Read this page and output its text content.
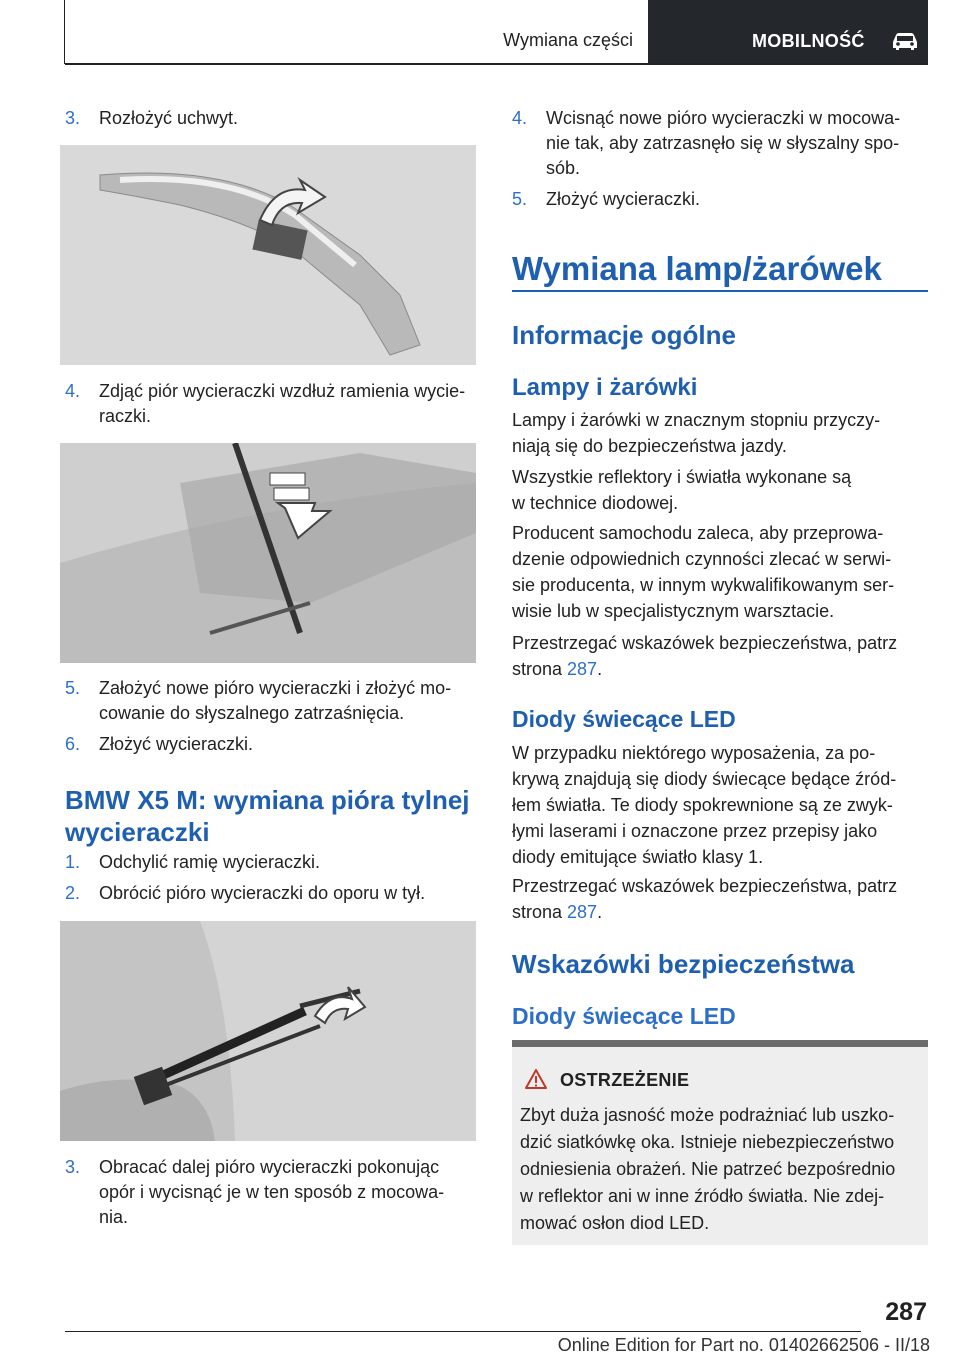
Wymiana części	MOBILNOŚĆ
3. Rozłożyć uchwyt.
4. Zdjąć piór wycieraczki wzdłuż ramienia wycie-
raczki.
5. Założyć nowe pióro wycieraczki i złożyć mo-
cowanie do słyszalnego zatrzaśnięcia.
6. Złożyć wycieraczki.
BMW X5 M: wymiana pióra tylnej
wycieraczki
1. Odchylić ramię wycieraczki.
2. Obrócić pióro wycieraczki do oporu w tył.
3. Obracać dalej pióro wycieraczki pokonując
opór i wycisnąć je w ten sposób z mocowa-
nia.
4. Wcisnąć nowe pióro wycieraczki w mocowa-
nie tak, aby zatrzasnęło się w słyszalny spo-
sób.
5. Złożyć wycieraczki.
Wymiana lamp/żarówek
Informacje ogólne
Lampy i żarówki
Lampy i żarówki w znacznym stopniu przyczy-
niają się do bezpieczeństwa jazdy.
Wszystkie reflektory i światła wykonane są
w technice diodowej.
Producent samochodu zaleca, aby przeprowa-
dzenie odpowiednich czynności zlecać w serwi-
sie producenta, w innym wykwalifikowanym ser-
wisie lub w specjalistycznym warsztacie.
Przestrzegać wskazówek bezpieczeństwa, patrz
strona 287.
Diody świecące LED
W przypadku niektórego wyposażenia, za po-
krywą znajdują się diody świecące będące źród-
łem światła. Te diody spokrewnione są ze zwyk-
łymi laserami i oznaczone przez przepisy jako
diody emitujące światło klasy 1.
Przestrzegać wskazówek bezpieczeństwa, patrz
strona 287.
Wskazówki bezpieczeństwa
Diody świecące LED
OSTRZEŻENIE
Zbyt duża jasność może podrażniać lub uszko-
dzić siatkówkę oka. Istnieje niebezpieczeństwo
odniesienia obrażeń. Nie patrzeć bezpośrednio
w reflektor ani w inne źródło światła. Nie zdej-
mować osłon diod LED.
287
Online Edition for Part no. 01402662506 - II/18
